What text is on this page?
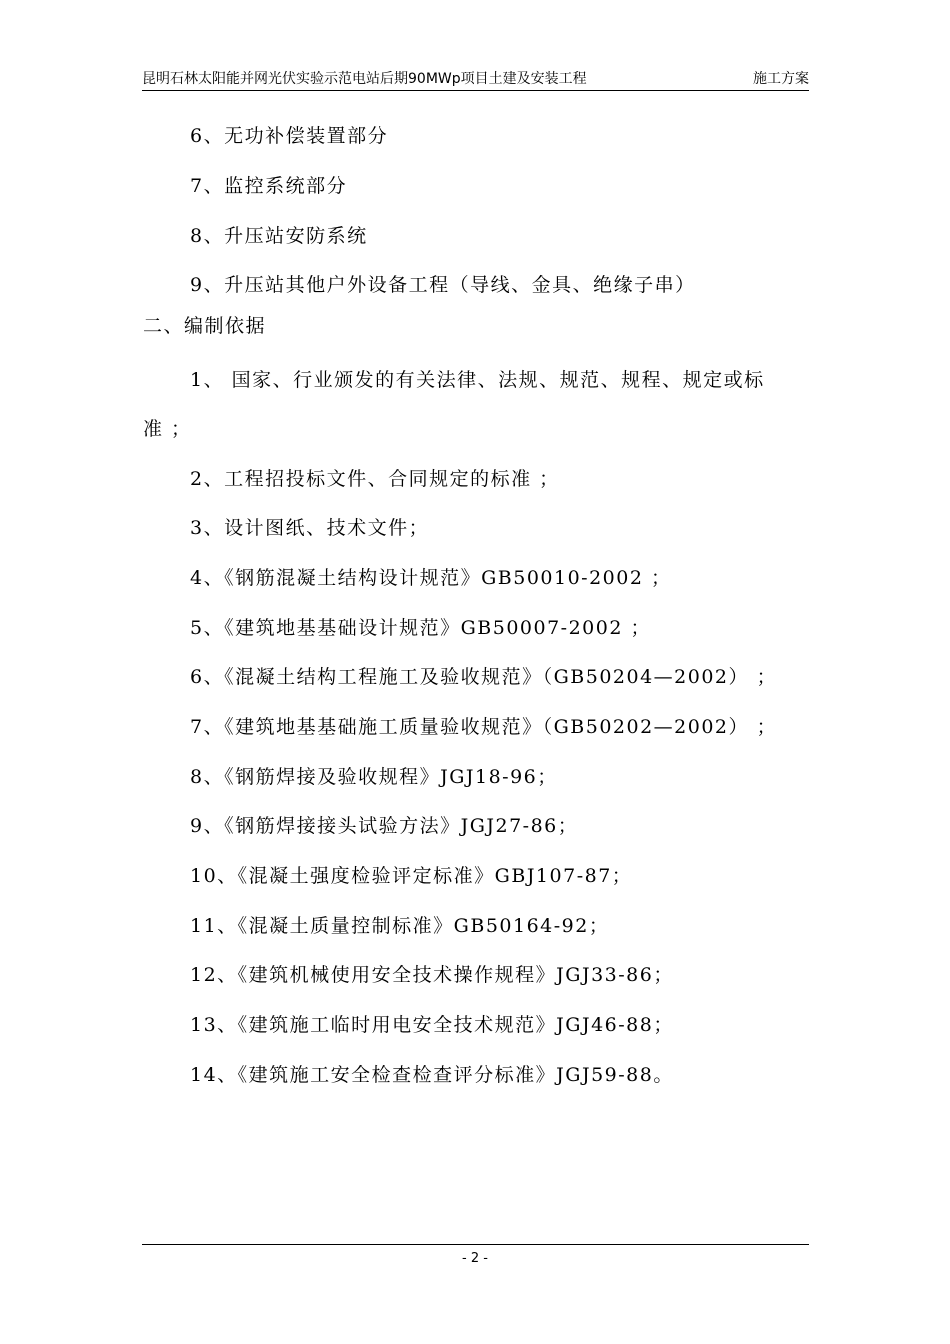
昆明石林太阳能并网光伏实验示范电站后期90MWp项目土建及安装工程	施工方案
6、无功补偿装置部分
7、监控系统部分
8、升压站安防系统
9、升压站其他户外设备工程（导线、金具、绝缘子串）
二、编制依据
1、 国家、行业颁发的有关法律、法规、规范、规程、规定或标
准 ；
2、工程招投标文件、合同规定的标准 ；
3、设计图纸、技术文件；
4、《钢筋混凝土结构设计规范》GB50010-2002 ；
5、《建筑地基基础设计规范》GB50007-2002 ；
6、《混凝土结构工程施工及验收规范》（GB50204—2002） ；
7、《建筑地基基础施工质量验收规范》（GB50202—2002） ；
8、《钢筋焊接及验收规程》JGJ18-96；
9、《钢筋焊接接头试验方法》JGJ27-86；
10、《混凝土强度检验评定标准》GBJ107-87；
11、《混凝土质量控制标准》GB50164-92；
12、《建筑机械使用安全技术操作规程》JGJ33-86；
13、《建筑施工临时用电安全技术规范》JGJ46-88；
14、《建筑施工安全检查检查评分标准》JGJ59-88。
- 2 -
